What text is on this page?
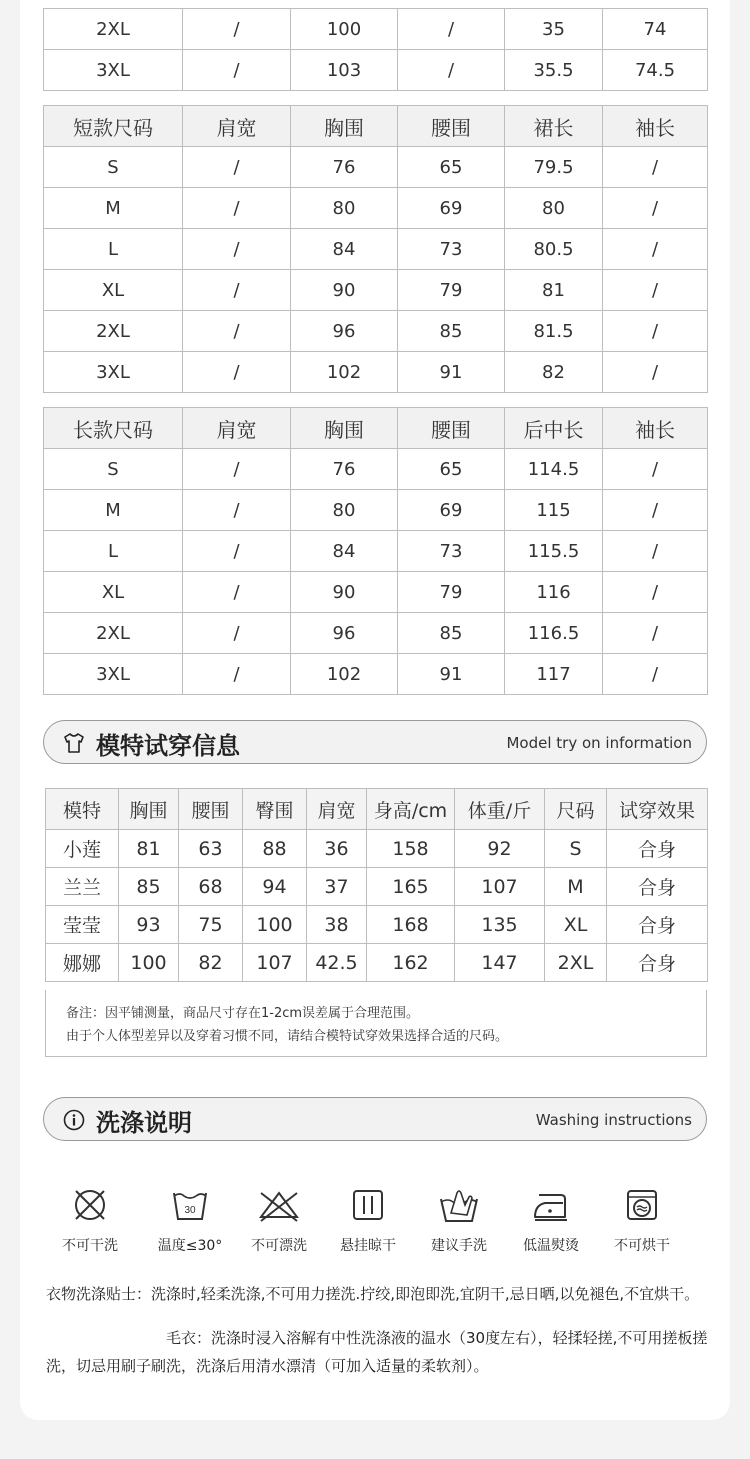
2XL	/	100	/	35	74
3XL	/	103	/	35.5	74.5
短款尺码	肩宽	胸围	腰围	裙长	袖长
S	/	76	65	79.5	/
M	/	80	69	80	/
L	/	84	73	80.5	/
XL	/	90	79	81	/
2XL	/	96	85	81.5	/
3XL	/	102	91	82	/
长款尺码	肩宽	胸围	腰围	后中长	袖长
S	/	76	65	114.5	/
M	/	80	69	115	/
L	/	84	73	115.5	/
XL	/	90	79	116	/
2XL	/	96	85	116.5	/
3XL	/	102	91	117	/
模特试穿信息	Model try on information
模特	胸围	腰围	臀围	肩宽	身高/cm	体重/斤	尺码	试穿效果
小莲	81	63	88	36	158	92	S	合身
兰兰	85	68	94	37	165	107	M	合身
莹莹	93	75	100	38	168	135	XL	合身
娜娜	100	82	107	42.5	162	147	2XL	合身
备注：因平铺测量，商品尺寸存在1-2cm误差属于合理范围。
由于个人体型差异以及穿着习惯不同，请结合模特试穿效果选择合适的尺码。
洗涤说明	Washing instructions
不可干洗
30
温度≤30°	不可漂洗	悬挂晾干	建议手洗	低温熨烫	不可烘干

衣物洗涤贴士：洗涤时,轻柔洗涤,不可用力搓洗.拧绞,即泡即洗,宜阴干,忌日晒,以免褪色,不宜烘干。

毛衣：洗涤时浸入溶解有中性洗涤液的温水（30度左右），轻揉轻搓,不可用搓板搓洗，切忌用刷子刷洗，洗涤后用清水漂清（可加入适量的柔软剂）。
